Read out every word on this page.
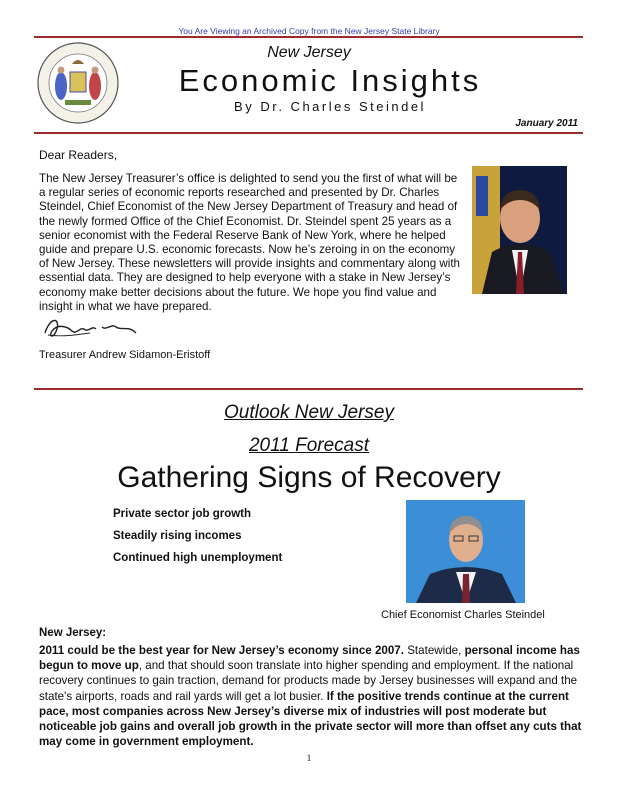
You Are Viewing an Archived Copy from the New Jersey State Library
New Jersey
Economic Insights
By Dr. Charles Steindel
January 2011
Dear Readers,
The New Jersey Treasurer’s office is delighted to send you the first of what will be a regular series of economic reports researched and presented by Dr. Charles Steindel, Chief Economist of the New Jersey Department of Treasury and head of the newly formed Office of the Chief Economist. Dr. Steindel spent 25 years as a senior economist with the Federal Reserve Bank of New York, where he helped guide and prepare U.S. economic forecasts. Now he’s zeroing in on the economy of New Jersey. These newsletters will provide insights and commentary along with essential data. They are designed to help everyone with a stake in New Jersey’s economy make better decisions about the future. We hope you find value and insight in what we have prepared.
Treasurer Andrew Sidamon-Eristoff
Outlook New Jersey
2011 Forecast
Gathering Signs of Recovery
Private sector job growth
Steadily rising incomes
Continued high unemployment
Chief Economist Charles Steindel
New Jersey:
2011 could be the best year for New Jersey’s economy since 2007. Statewide, personal income has begun to move up, and that should soon translate into higher spending and employment. If the national recovery continues to gain traction, demand for products made by Jersey businesses will expand and the state's airports, roads and rail yards will get a lot busier. If the positive trends continue at the current pace, most companies across New Jersey’s diverse mix of industries will post moderate but noticeable job gains and overall job growth in the private sector will more than offset any cuts that may come in government employment.
1
